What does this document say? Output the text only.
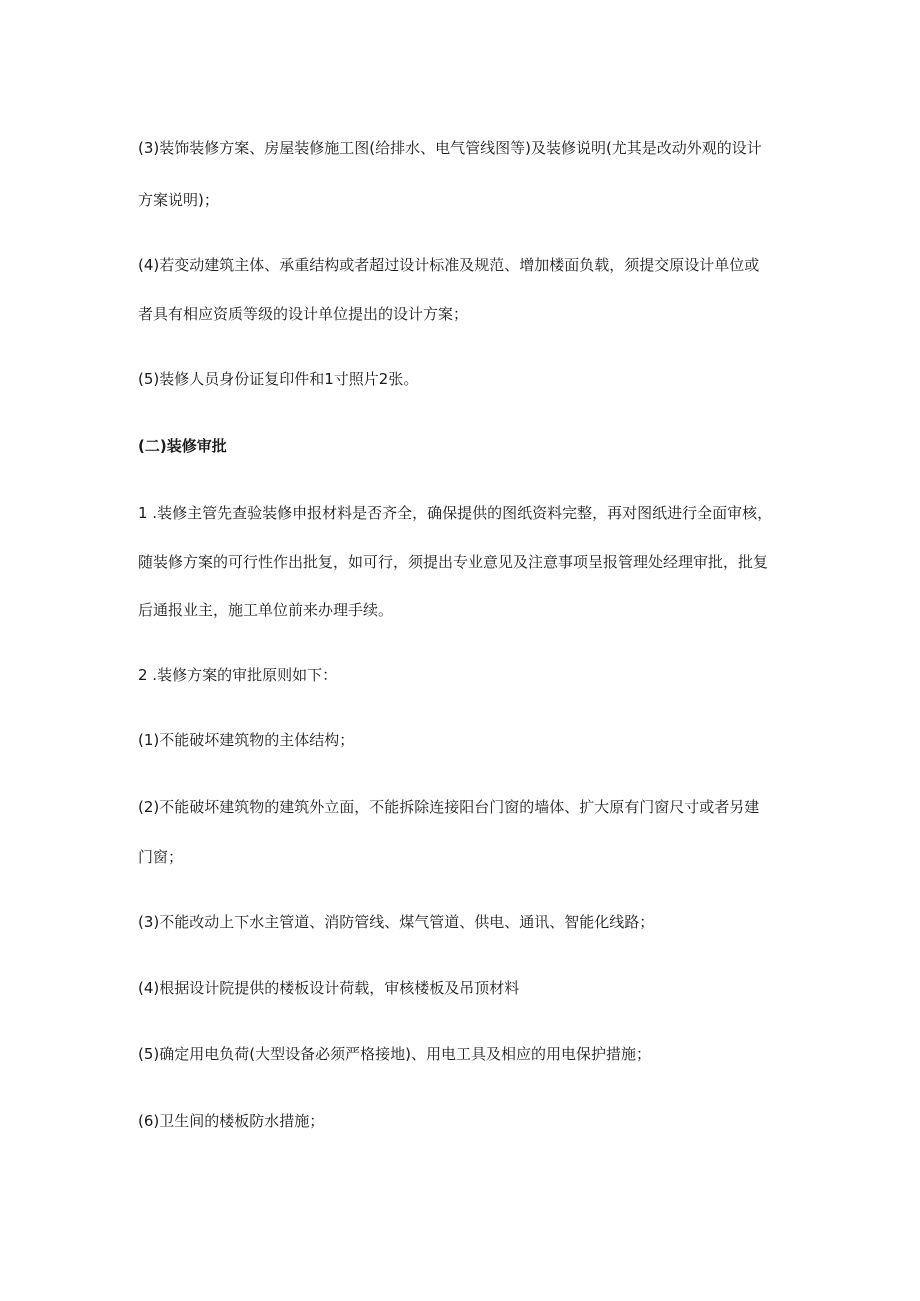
(3)装饰装修方案、房屋装修施工图(给排水、电气管线图等)及装修说明(尤其是改动外观的设计
方案说明)；
(4)若变动建筑主体、承重结构或者超过设计标准及规范、增加楼面负载，须提交原设计单位或
者具有相应资质等级的设计单位提出的设计方案；
(5)装修人员身份证复印件和1寸照片2张。
(二)装修审批
1 .装修主管先查验装修申报材料是否齐全，确保提供的图纸资料完整，再对图纸进行全面审核，
随装修方案的可行性作出批复，如可行，须提出专业意见及注意事项呈报管理处经理审批，批复
后通报业主，施工单位前来办理手续。
2 .装修方案的审批原则如下：
(1)不能破坏建筑物的主体结构；
(2)不能破坏建筑物的建筑外立面，不能拆除连接阳台门窗的墙体、扩大原有门窗尺寸或者另建
门窗；
(3)不能改动上下水主管道、消防管线、煤气管道、供电、通讯、智能化线路；
(4)根据设计院提供的楼板设计荷载，审核楼板及吊顶材料
(5)确定用电负荷(大型设备必须严格接地)、用电工具及相应的用电保护措施；
(6)卫生间的楼板防水措施；
